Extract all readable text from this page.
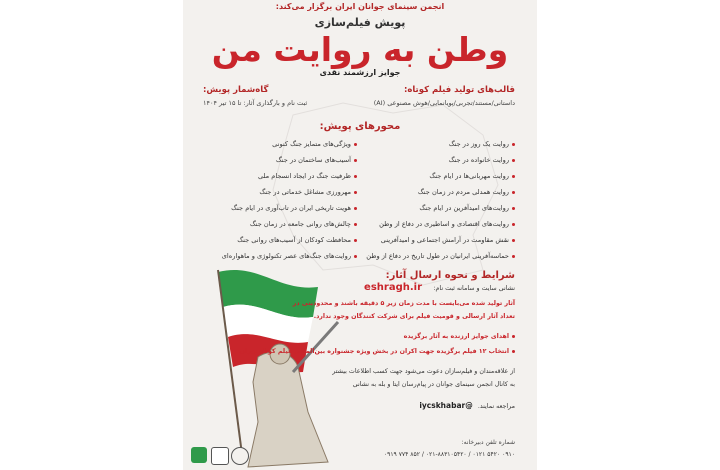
انجمن سینمای جوانان ایران برگزار می‌کند:
پویش فیلم‌سازی
وطن به روایت من
جوایز ارزشمند نقدی
قالب‌های تولید فیلم کوتاه:
داستانی/مستند/تجربی/پویانمایی/هوش مصنوعی (AI)
گاه‌شمار پویش:
ثبت نام و بارگذاری آثار: تا ۱۵ تیر ۱۴۰۴
محورهای پویش:
روایت یک روز در جنگ
روایت خانواده در جنگ
روایت مهربانی‌ها در ایام جنگ
روایت همدلی مردم در زمان جنگ
روایت‌های امیدآفرین در ایام جنگ
روایت‌های اقتصادی و اساطیری در دفاع از وطن
نقش مقاومت در آرامش اجتماعی و امیدآفرینی
حماسه‌آفرینی ایرانیان در طول تاریخ در دفاع از وطن
ویژگی‌های متمایز جنگ کنونی
آسیب‌های ساختمان در جنگ
ظرفیت جنگ در ایجاد انسجام ملی
مهرورزی مشاغل خدماتی در جنگ
هویت تاریخی ایران در تاب‌آوری در ایام جنگ
چالش‌های روانی جامعه در زمان جنگ
محافظت کودکان از آسیب‌های روانی جنگ
روایت‌های جنگ‌های عصر تکنولوژی و ماهواره‌ای
شرایط و نحوه ارسال آثار:
نشانی سایت و سامانه ثبت نام:
eshragh.ir
آثار تولید شده می‌بایست با مدت زمان زیر ۵ دقیقه باشند و محدودیتی در
تعداد آثار ارسالی و قومیت فیلم برای شرکت کنندگان وجود ندارد.
اهدای جوایز ارزنده به آثار برگزیده
انتخاب ۱۲ فیلم برگزیده جهت اکران در بخش ویژه جشنواره بین‌المللی فیلم کوتاه تهران
از علاقه‌مندان و فیلم‌سازان دعوت می‌شود جهت کسب اطلاعات بیشتر
به کانال انجمن سینمای جوانان در پیام‌رسان ایتا و بله به نشانی
مراجعه نمایند. @iycskhabar
شماره تلفن دبیرخانه:
۰۹۱۰ ۵۴۲۰ ۰۱۲۱ / ۰۲۱-۸۸۳۱۰۵۴۲۰ / ۸۵۲ ۷۷۴ ۰۹۱۹
